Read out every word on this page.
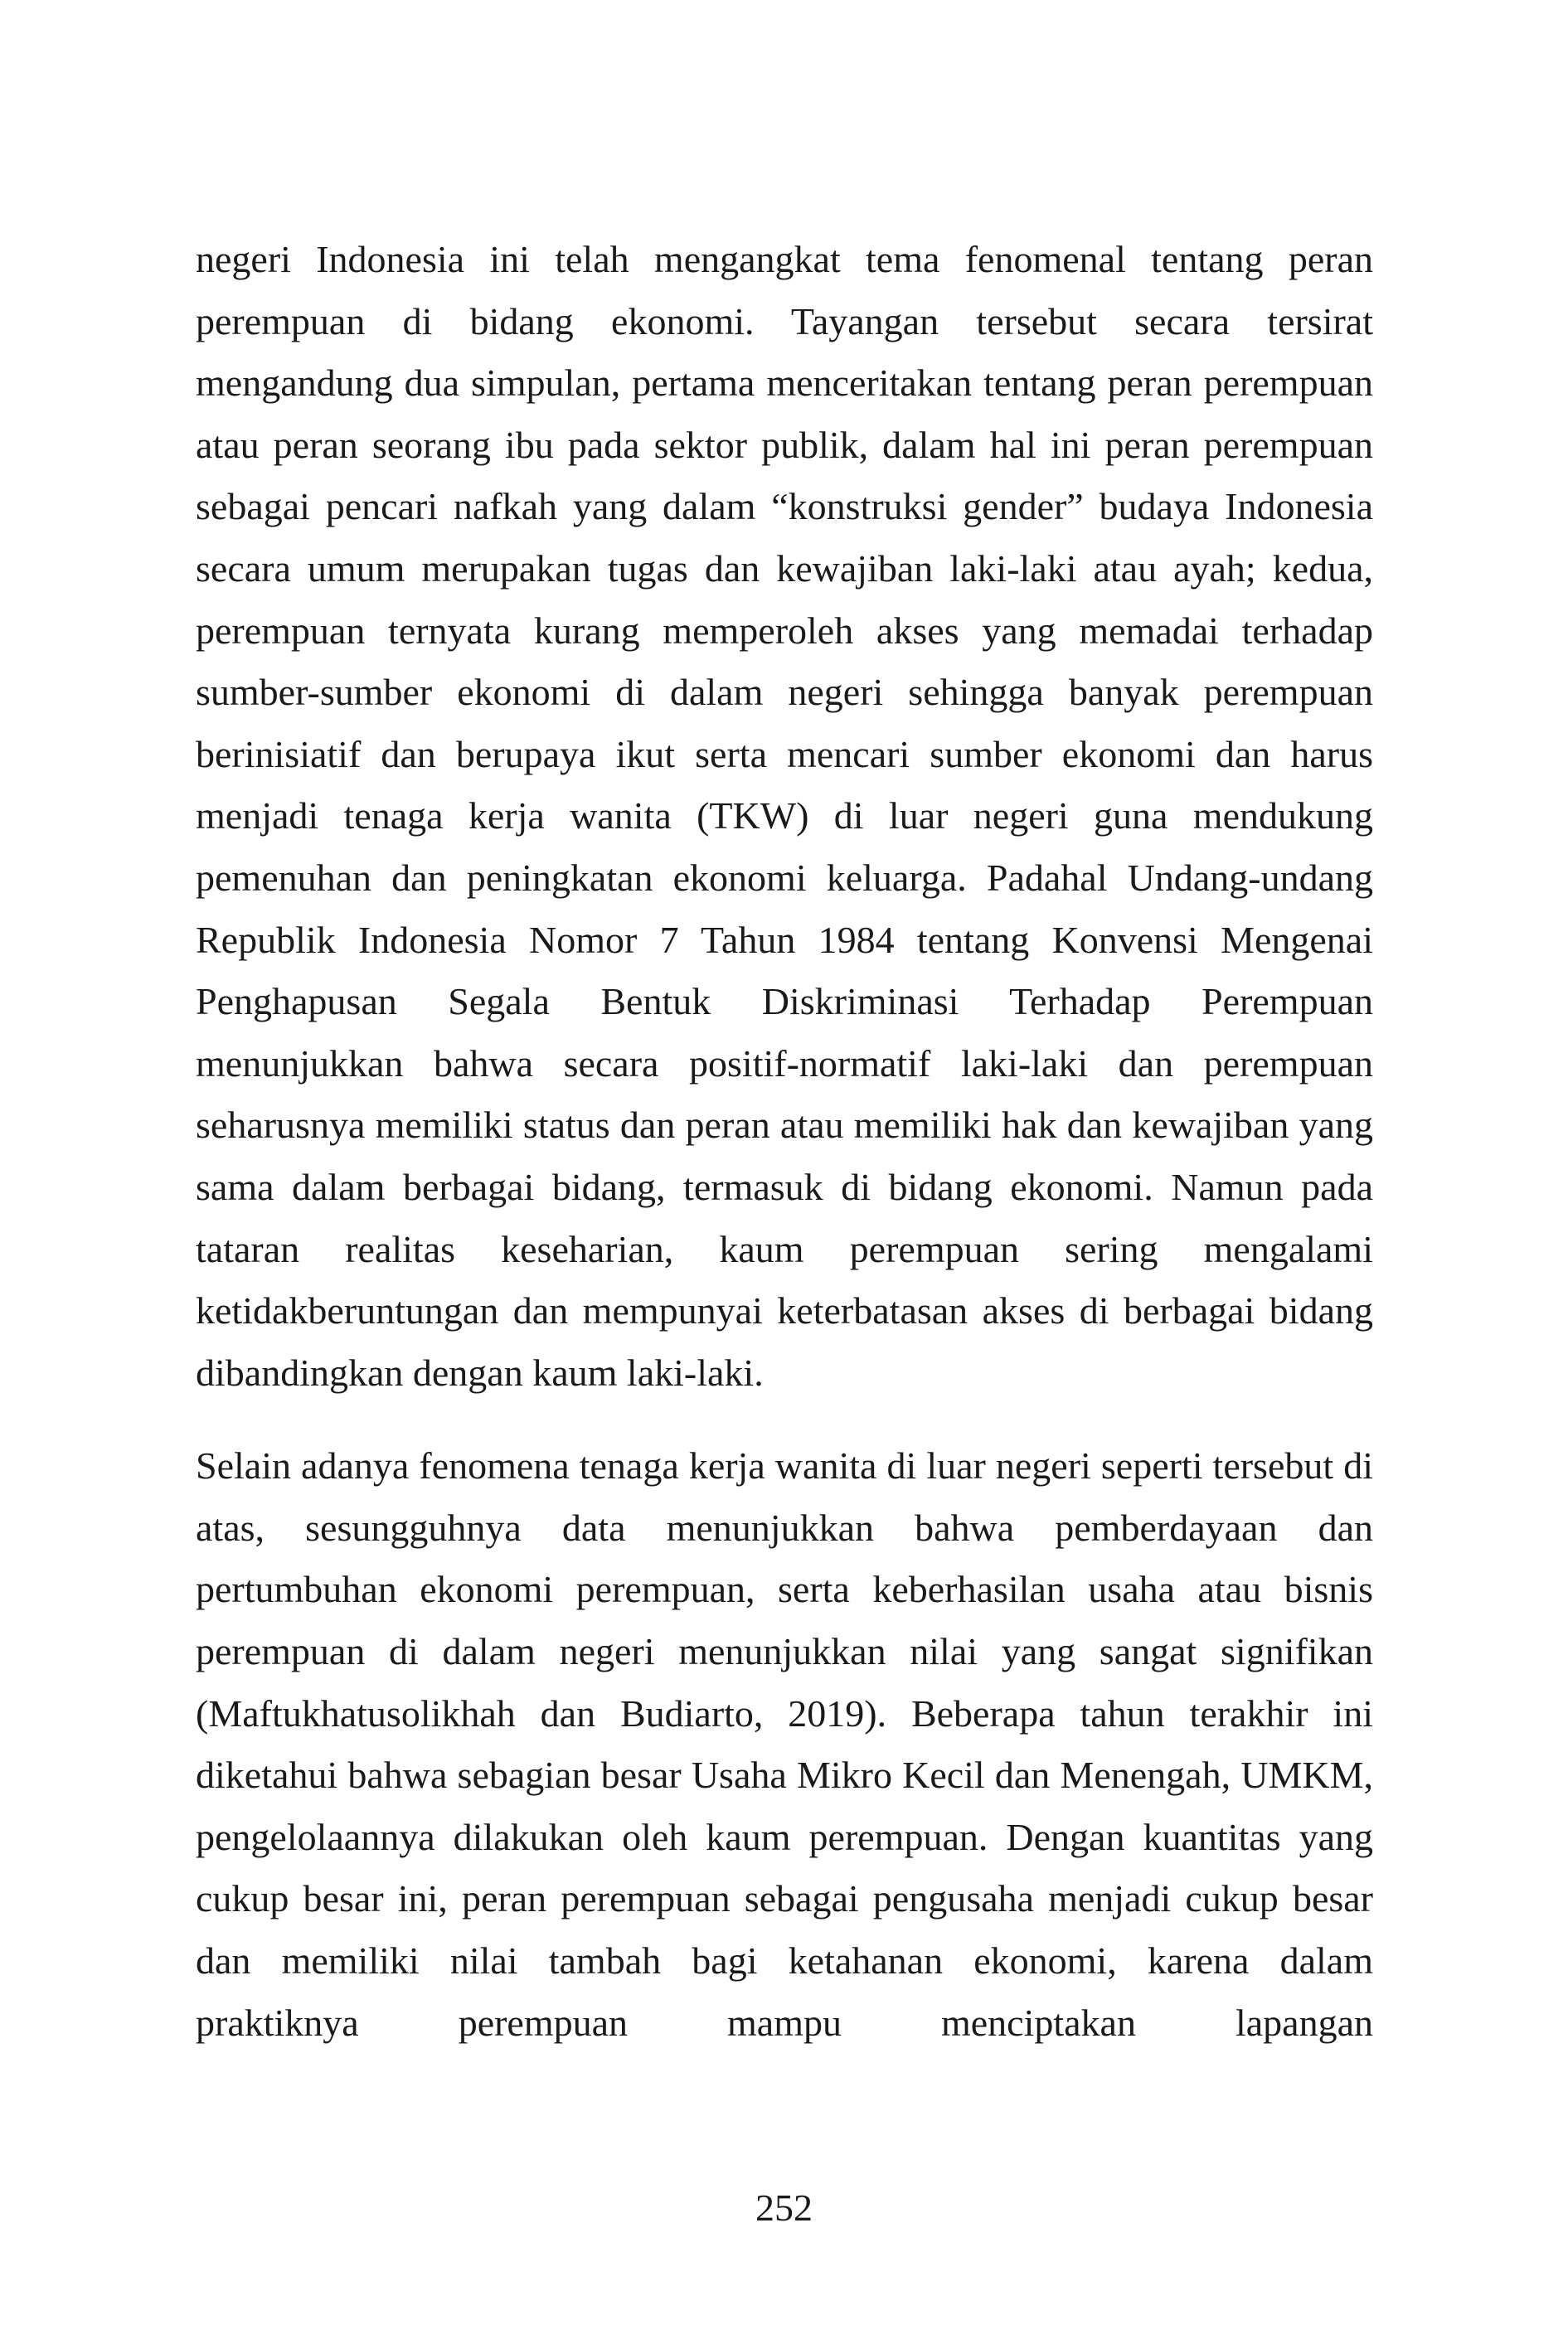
negeri Indonesia ini telah mengangkat tema fenomenal tentang peran perempuan di bidang ekonomi. Tayangan tersebut secara tersirat mengandung dua simpulan, pertama menceritakan tentang peran perempuan atau peran seorang ibu pada sektor publik, dalam hal ini peran perempuan sebagai pencari nafkah yang dalam “konstruksi gender” budaya Indonesia secara umum merupakan tugas dan kewajiban laki-laki atau ayah; kedua, perempuan ternyata kurang memperoleh akses yang memadai terhadap sumber-sumber ekonomi di dalam negeri sehingga banyak perempuan berinisiatif dan berupaya ikut serta mencari sumber ekonomi dan harus menjadi tenaga kerja wanita (TKW) di luar negeri guna mendukung pemenuhan dan peningkatan ekonomi keluarga. Padahal Undang-undang Republik Indonesia Nomor 7 Tahun 1984 tentang Konvensi Mengenai Penghapusan Segala Bentuk Diskriminasi Terhadap Perempuan menunjukkan bahwa secara positif-normatif laki-laki dan perempuan seharusnya memiliki status dan peran atau memiliki hak dan kewajiban yang sama dalam berbagai bidang, termasuk di bidang ekonomi. Namun pada tataran realitas keseharian, kaum perempuan sering mengalami ketidakberuntungan dan mempunyai keterbatasan akses di berbagai bidang dibandingkan dengan kaum laki-laki.

Selain adanya fenomena tenaga kerja wanita di luar negeri seperti tersebut di atas, sesungguhnya data menunjukkan bahwa pemberdayaan dan pertumbuhan ekonomi perempuan, serta keberhasilan usaha atau bisnis perempuan di dalam negeri menunjukkan nilai yang sangat signifikan (Maftukhatusolikhah dan Budiarto, 2019). Beberapa tahun terakhir ini diketahui bahwa sebagian besar Usaha Mikro Kecil dan Menengah, UMKM, pengelolaannya dilakukan oleh kaum perempuan. Dengan kuantitas yang cukup besar ini, peran perempuan sebagai pengusaha menjadi cukup besar dan memiliki nilai tambah bagi ketahanan ekonomi, karena dalam praktiknya perempuan mampu menciptakan lapangan

252
